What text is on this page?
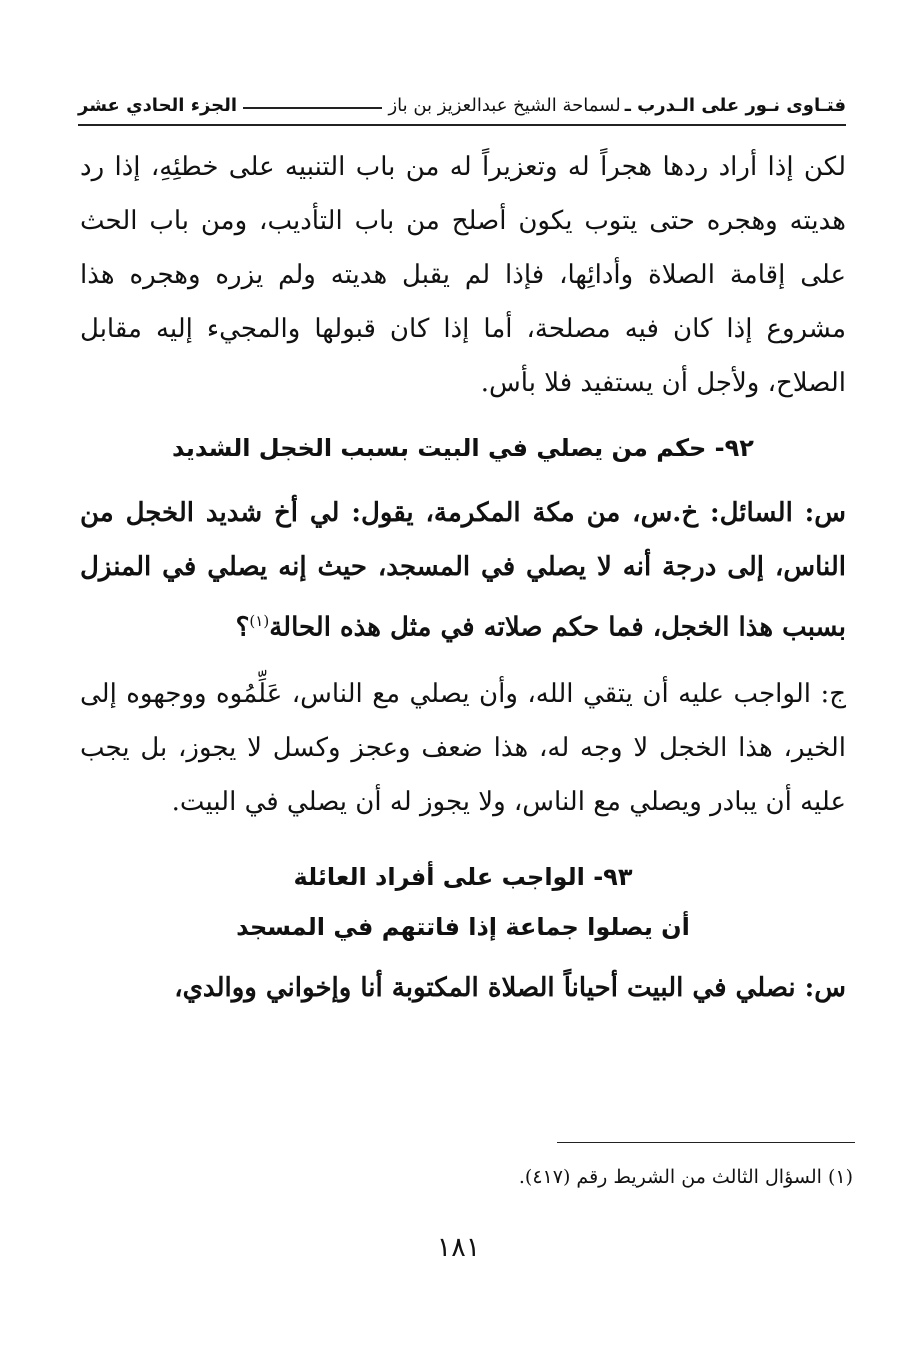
فتـاوى نـور على الـدرب ـ
لسماحة الشيخ عبدالعزيز بن باز
الجزء الحادي عشر

لكن إذا أراد ردها هجراً له وتعزيراً له من باب التنبيه على خطئِهِ، إذا رد هديته وهجره حتى يتوب يكون أصلح من باب التأديب، ومن باب الحث على إقامة الصلاة وأدائِها، فإذا لم يقبل هديته ولم يزره وهجره هذا مشروع إذا كان فيه مصلحة، أما إذا كان قبولها والمجيء إليه مقابل الصلاح، ولأجل أن يستفيد فلا بأس.

٩٢- حكم من يصلي في البيت بسبب الخجل الشديد

س: السائل: خ.س، من مكة المكرمة، يقول: لي أخ شديد الخجل من الناس، إلى درجة أنه لا يصلي في المسجد، حيث إنه يصلي في المنزل بسبب هذا الخجل، فما حكم صلاته في مثل هذه الحالة$^{(١)}$؟

ج: الواجب عليه أن يتقي الله، وأن يصلي مع الناس، عَلِّمُوه ووجهوه إلى الخير، هذا الخجل لا وجه له، هذا ضعف وعجز وكسل لا يجوز، بل يجب عليه أن يبادر ويصلي مع الناس، ولا يجوز له أن يصلي في البيت.

٩٣- الواجب على أفراد العائلة

أن يصلوا جماعة إذا فاتتهم في المسجد

س: نصلي في البيت أحياناً الصلاة المكتوبة أنا وإخواني ووالدي،

(١) السؤال الثالث من الشريط رقم (٤١٧).
١٨١
